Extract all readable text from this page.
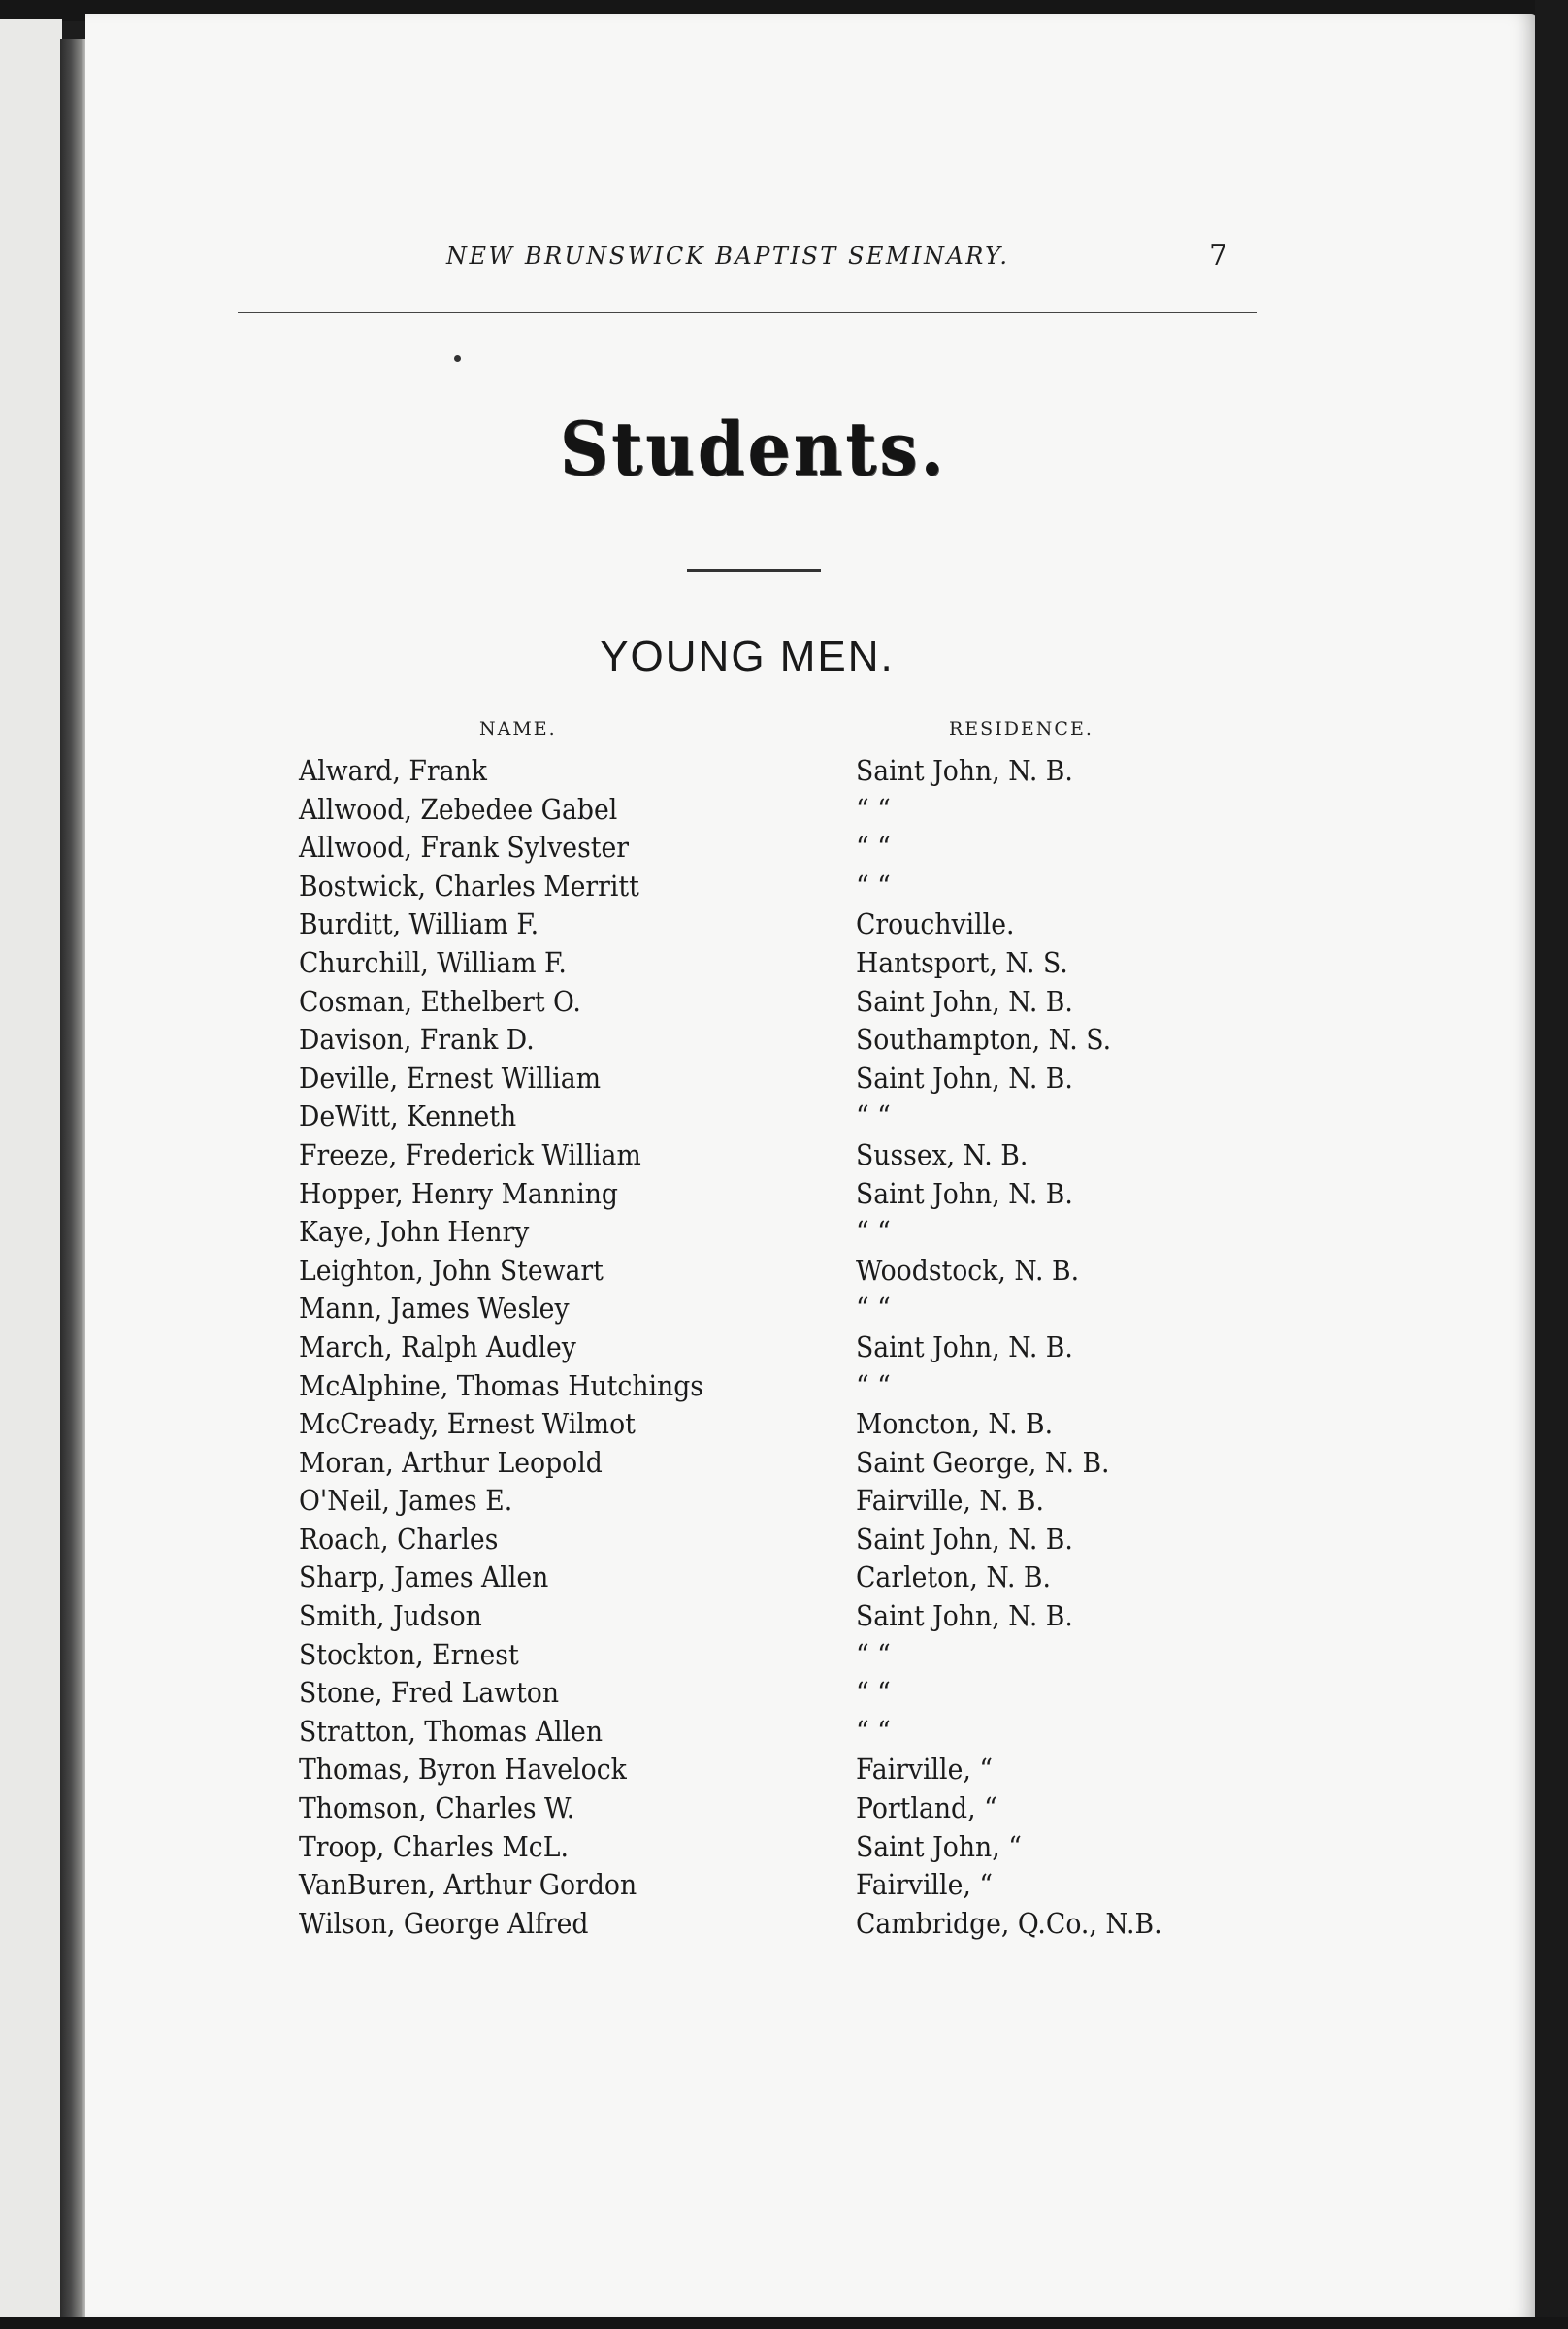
NEW BRUNSWICK BAPTIST SEMINARY.	7
Students.
YOUNG MEN.
NAME.	RESIDENCE.
Alward, Frank	Saint John, N. B.
Allwood, Zebedee Gabel	“ “
Allwood, Frank Sylvester	“ “
Bostwick, Charles Merritt	“ “
Burditt, William F.	Crouchville.
Churchill, William F.	Hantsport, N. S.
Cosman, Ethelbert O.	Saint John, N. B.
Davison, Frank D.	Southampton, N. S.
Deville, Ernest William	Saint John, N. B.
DeWitt, Kenneth	“ “
Freeze, Frederick William	Sussex, N. B.
Hopper, Henry Manning	Saint John, N. B.
Kaye, John Henry	“ “
Leighton, John Stewart	Woodstock, N. B.
Mann, James Wesley	“ “
March, Ralph Audley	Saint John, N. B.
McAlphine, Thomas Hutchings	“ “
McCready, Ernest Wilmot	Moncton, N. B.
Moran, Arthur Leopold	Saint George, N. B.
O'Neil, James E.	Fairville, N. B.
Roach, Charles	Saint John, N. B.
Sharp, James Allen	Carleton, N. B.
Smith, Judson	Saint John, N. B.
Stockton, Ernest	“ “
Stone, Fred Lawton	“ “
Stratton, Thomas Allen	“ “
Thomas, Byron Havelock	Fairville, “
Thomson, Charles W.	Portland, “
Troop, Charles McL.	Saint John, “
VanBuren, Arthur Gordon	Fairville, “
Wilson, George Alfred	Cambridge, Q.Co., N.B.
